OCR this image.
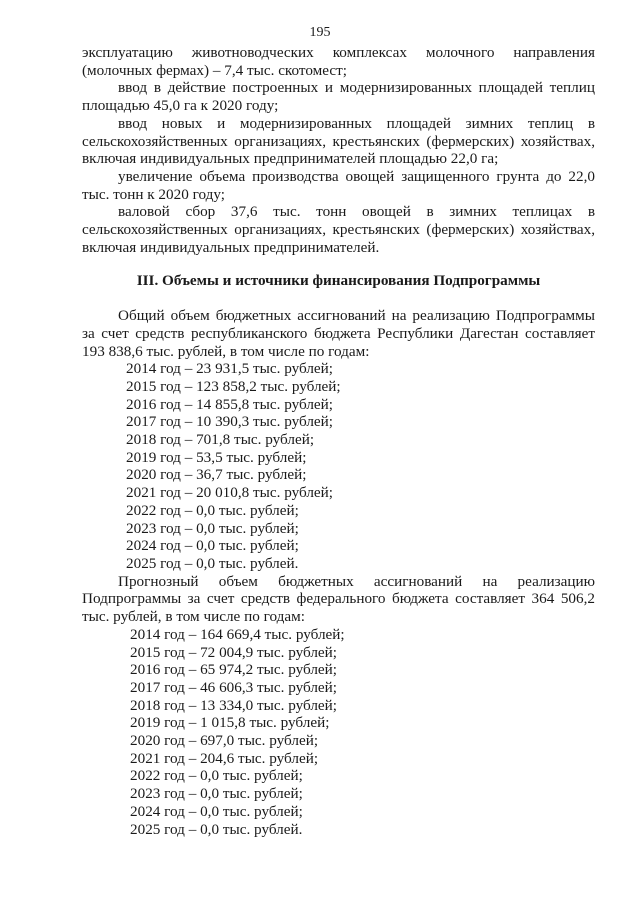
195

эксплуатацию животноводческих комплексах молочного направления (молочных фермах) – 7,4 тыс. скотомест;

ввод в действие построенных и модернизированных площадей теплиц площадью 45,0 га к 2020 году;

ввод новых и модернизированных площадей зимних теплиц в сельскохозяйственных организациях, крестьянских (фермерских) хозяйствах, включая индивидуальных предпринимателей площадью 22,0 га;

увеличение объема производства овощей защищенного грунта до 22,0 тыс. тонн к 2020 году;

валовой сбор 37,6 тыс. тонн овощей в зимних теплицах в сельскохозяйственных организациях, крестьянских (фермерских) хозяйствах, включая индивидуальных предпринимателей.

III. Объемы и источники финансирования Подпрограммы

Общий объем бюджетных ассигнований на реализацию Подпрограммы за счет средств республиканского бюджета Республики Дагестан составляет 193 838,6 тыс. рублей, в том числе по годам:

2014 год – 23 931,5 тыс. рублей;
2015 год – 123 858,2 тыс. рублей;
2016 год – 14 855,8 тыс. рублей;
2017 год – 10 390,3 тыс. рублей;
2018 год – 701,8 тыс. рублей;
2019 год – 53,5 тыс. рублей;
2020 год – 36,7 тыс. рублей;
2021 год – 20 010,8 тыс. рублей;
2022 год – 0,0 тыс. рублей;
2023 год – 0,0 тыс. рублей;
2024 год – 0,0 тыс. рублей;
2025 год – 0,0 тыс. рублей.

Прогнозный объем бюджетных ассигнований на реализацию Подпрограммы за счет средств федерального бюджета составляет 364 506,2 тыс. рублей, в том числе по годам:

2014 год – 164 669,4 тыс. рублей;
2015 год – 72 004,9 тыс. рублей;
2016 год – 65 974,2 тыс. рублей;
2017 год – 46 606,3 тыс. рублей;
2018 год – 13 334,0 тыс. рублей;
2019 год – 1 015,8 тыс. рублей;
2020 год – 697,0 тыс. рублей;
2021 год – 204,6 тыс. рублей;
2022 год – 0,0 тыс. рублей;
2023 год – 0,0 тыс. рублей;
2024 год – 0,0 тыс. рублей;
2025 год – 0,0 тыс. рублей.
